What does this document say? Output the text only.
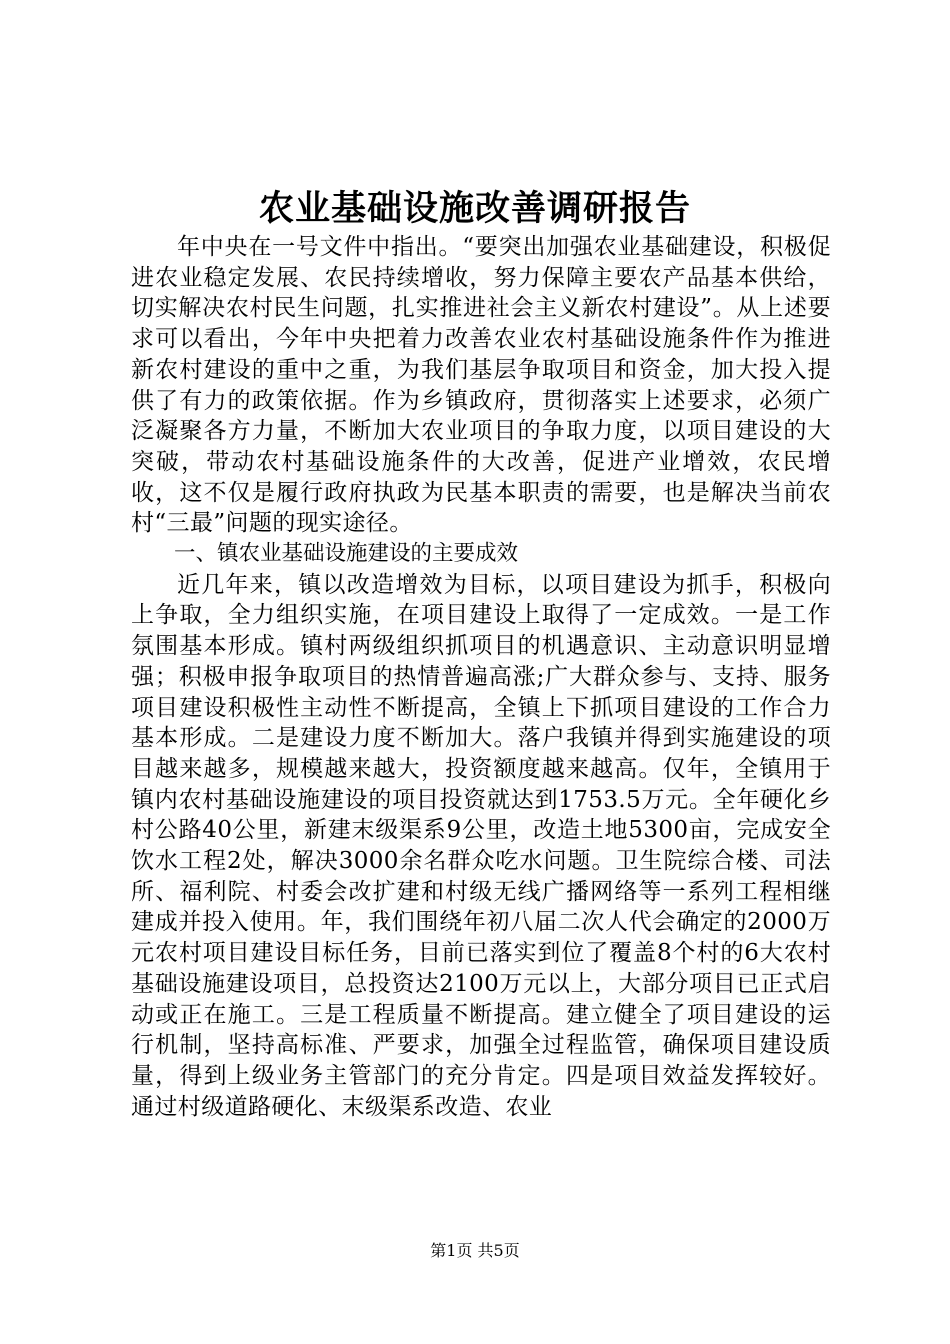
农业基础设施改善调研报告

年中央在一号文件中指出。“要突出加强农业基础建设，积极促进农业稳定发展、农民持续增收，努力保障主要农产品基本供给，切实解决农村民生问题，扎实推进社会主义新农村建设”。从上述要求可以看出，今年中央把着力改善农业农村基础设施条件作为推进新农村建设的重中之重，为我们基层争取项目和资金，加大投入提供了有力的政策依据。作为乡镇政府，贯彻落实上述要求，必须广泛凝聚各方力量，不断加大农业项目的争取力度，以项目建设的大突破，带动农村基础设施条件的大改善，促进产业增效，农民增收，这不仅是履行政府执政为民基本职责的需要，也是解决当前农村“三最”问题的现实途径。

一、镇农业基础设施建设的主要成效

近几年来，镇以改造增效为目标，以项目建设为抓手，积极向上争取，全力组织实施，在项目建设上取得了一定成效。一是工作氛围基本形成。镇村两级组织抓项目的机遇意识、主动意识明显增强；积极申报争取项目的热情普遍高涨;广大群众参与、支持、服务项目建设积极性主动性不断提高，全镇上下抓项目建设的工作合力基本形成。二是建设力度不断加大。落户我镇并得到实施建设的项目越来越多，规模越来越大，投资额度越来越高。仅年，全镇用于镇内农村基础设施建设的项目投资就达到1753.5万元。全年硬化乡村公路40公里，新建末级渠系9公里，改造土地5300亩，完成安全饮水工程2处，解决3000余名群众吃水问题。卫生院综合楼、司法所、福利院、村委会改扩建和村级无线广播网络等一系列工程相继建成并投入使用。年，我们围绕年初八届二次人代会确定的2000万元农村项目建设目标任务，目前已落实到位了覆盖8个村的6大农村基础设施建设项目，总投资达2100万元以上，大部分项目已正式启动或正在施工。三是工程质量不断提高。建立健全了项目建设的运行机制，坚持高标准、严要求，加强全过程监管，确保项目建设质量，得到上级业务主管部门的充分肯定。四是项目效益发挥较好。通过村级道路硬化、末级渠系改造、农业

第1页 共5页
